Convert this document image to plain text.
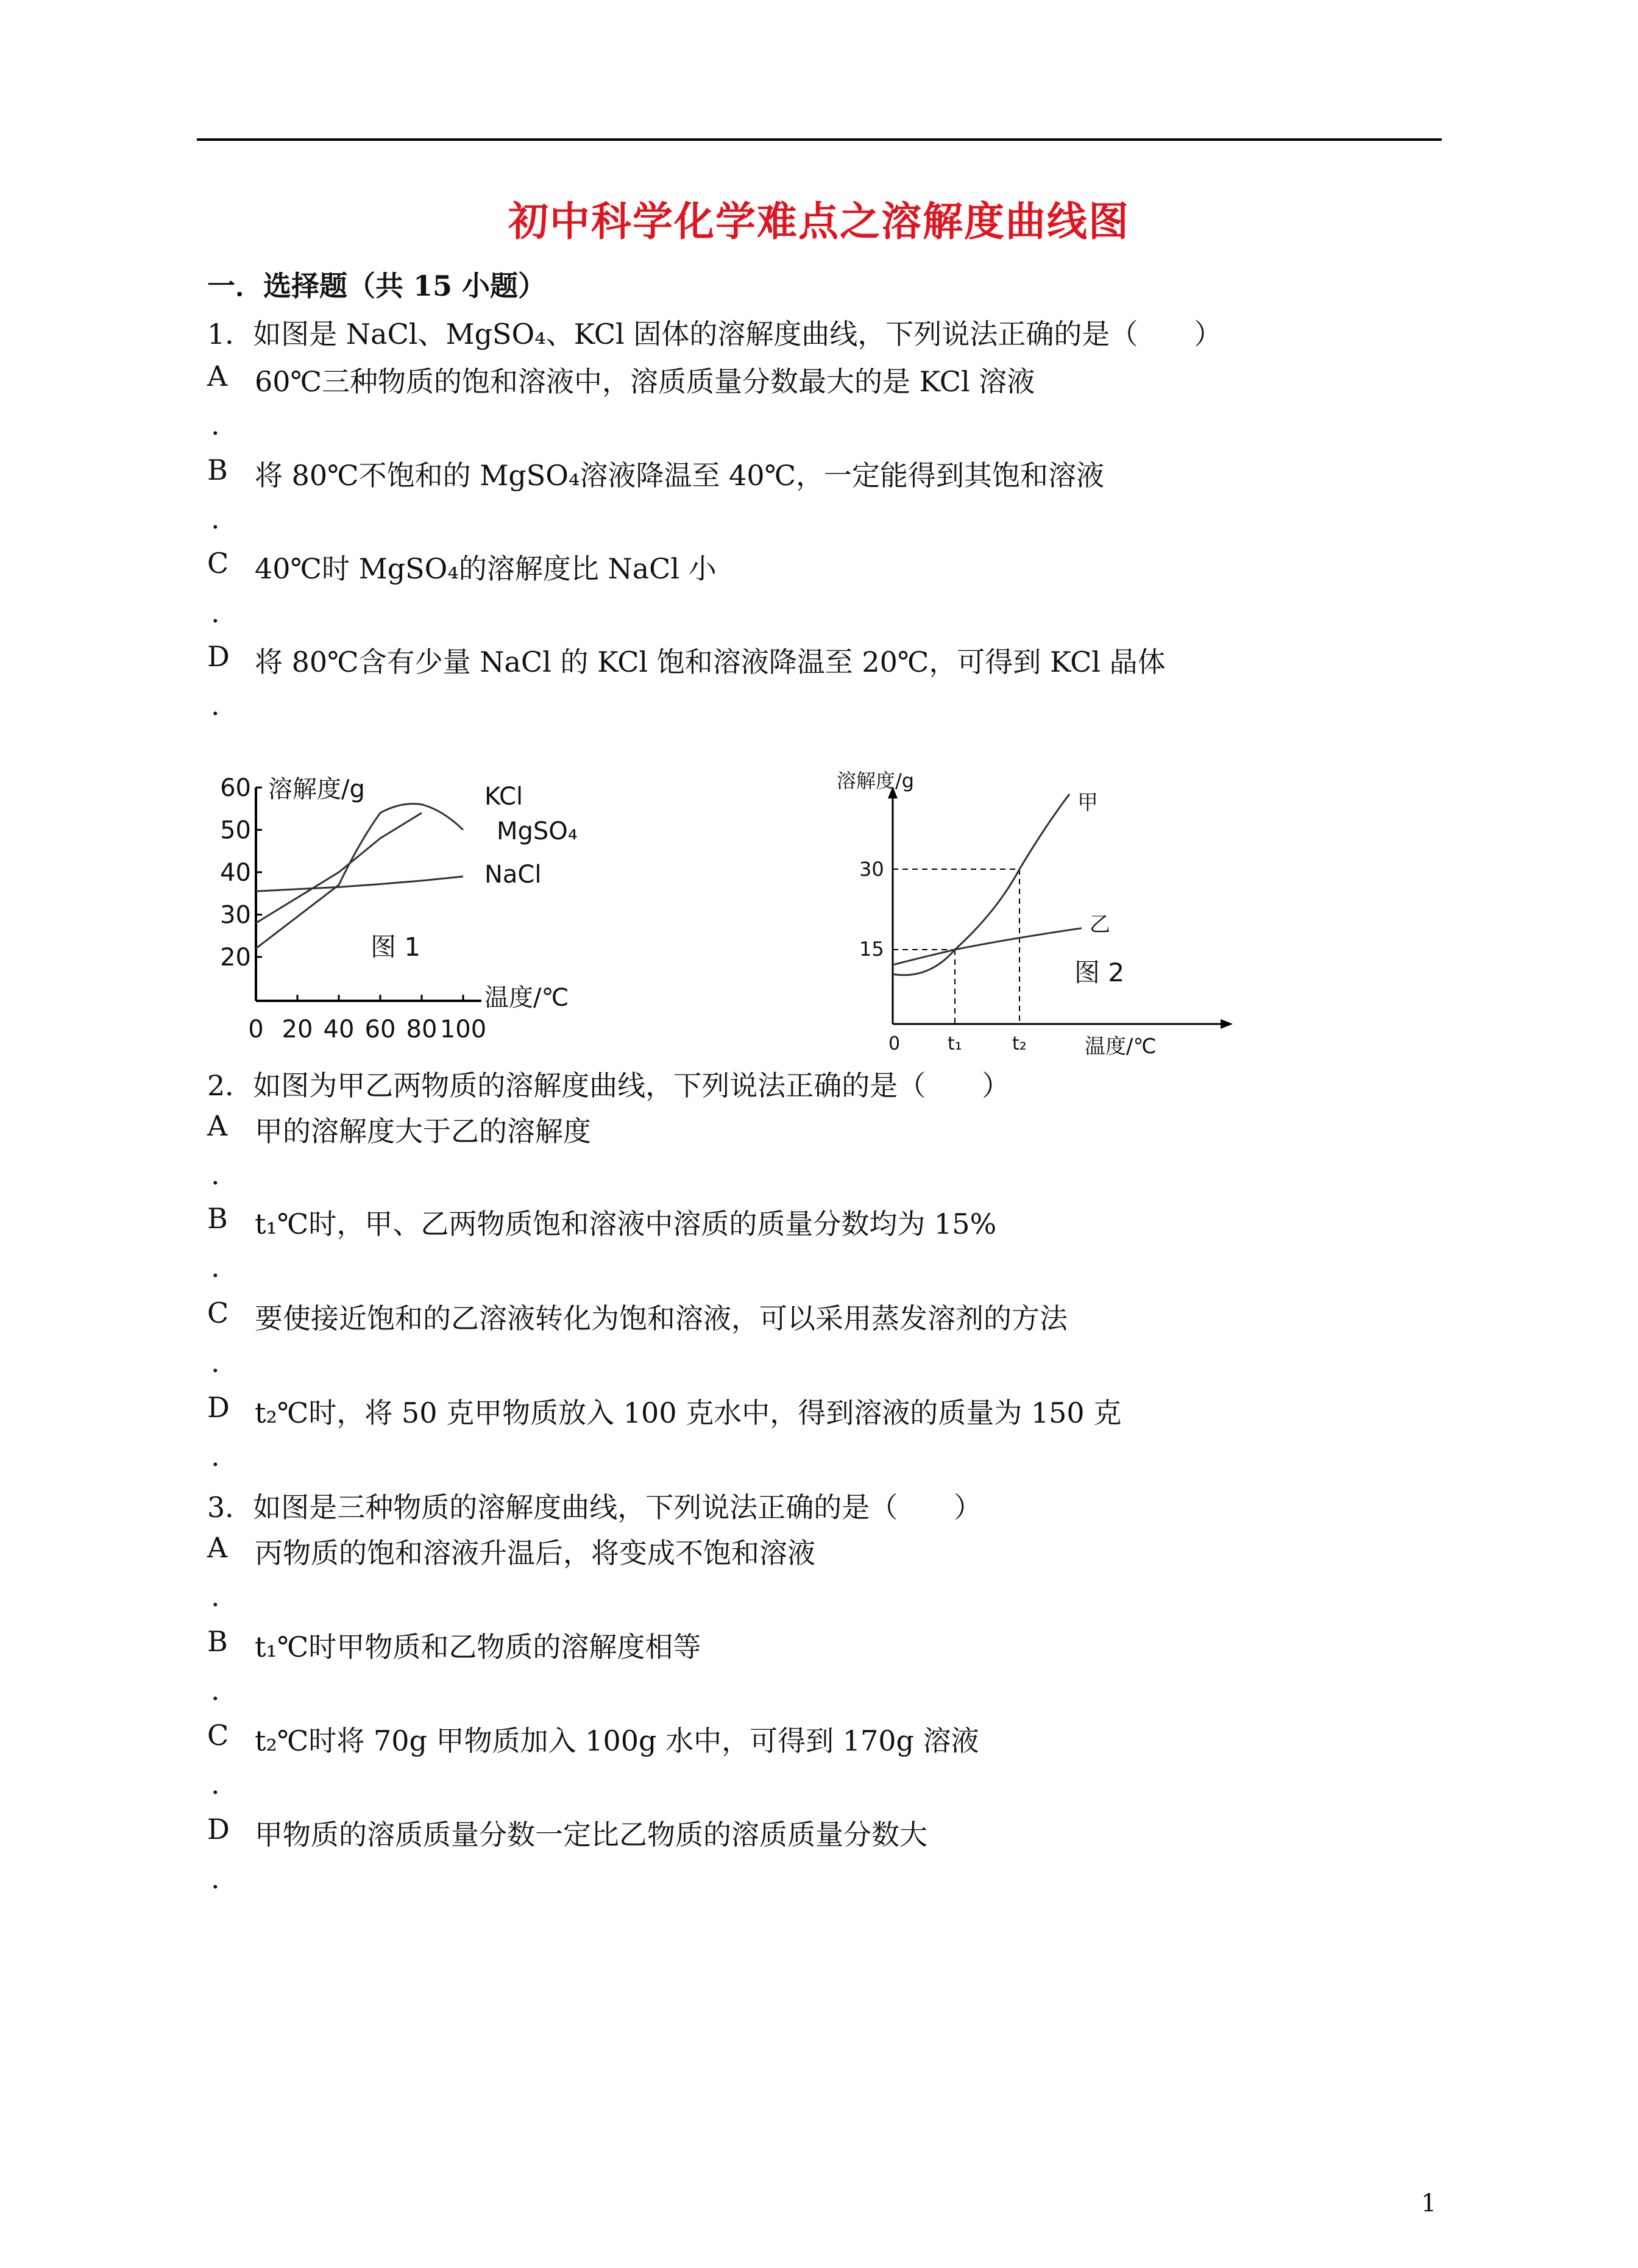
初中科学化学难点之溶解度曲线图
一．选择题（共 15 小题）
1．如图是 NaCl、MgSO₄、KCl 固体的溶解度曲线，下列说法正确的是（　　）
A 60℃三种物质的饱和溶液中，溶质质量分数最大的是 KCl 溶液
.
B 将 80℃不饱和的 MgSO₄溶液降温至 40℃，一定能得到其饱和溶液
.
C 40℃时 MgSO₄的溶解度比 NaCl 小
.
D 将 80℃含有少量 NaCl 的 KCl 饱和溶液降温至 20℃，可得到 KCl 晶体
.
60
50
40
30
20
0 20 40 60 80 100
溶解度/g
温度/℃
图 1
KCl
MgSO₄
NaCl
溶解度/g
温度/℃
30
15
0	t₁	t₂
图 2
甲
乙
2．如图为甲乙两物质的溶解度曲线，下列说法正确的是（　　）
A 甲的溶解度大于乙的溶解度
.
B t₁℃时，甲、乙两物质饱和溶液中溶质的质量分数均为 15%
.
C 要使接近饱和的乙溶液转化为饱和溶液，可以采用蒸发溶剂的方法
.
D t₂℃时，将 50 克甲物质放入 100 克水中，得到溶液的质量为 150 克
.
3．如图是三种物质的溶解度曲线，下列说法正确的是（　　）
A 丙物质的饱和溶液升温后，将变成不饱和溶液
.
B t₁℃时甲物质和乙物质的溶解度相等
.
C t₂℃时将 70g 甲物质加入 100g 水中，可得到 170g 溶液
.
D 甲物质的溶质质量分数一定比乙物质的溶质质量分数大
.
1
